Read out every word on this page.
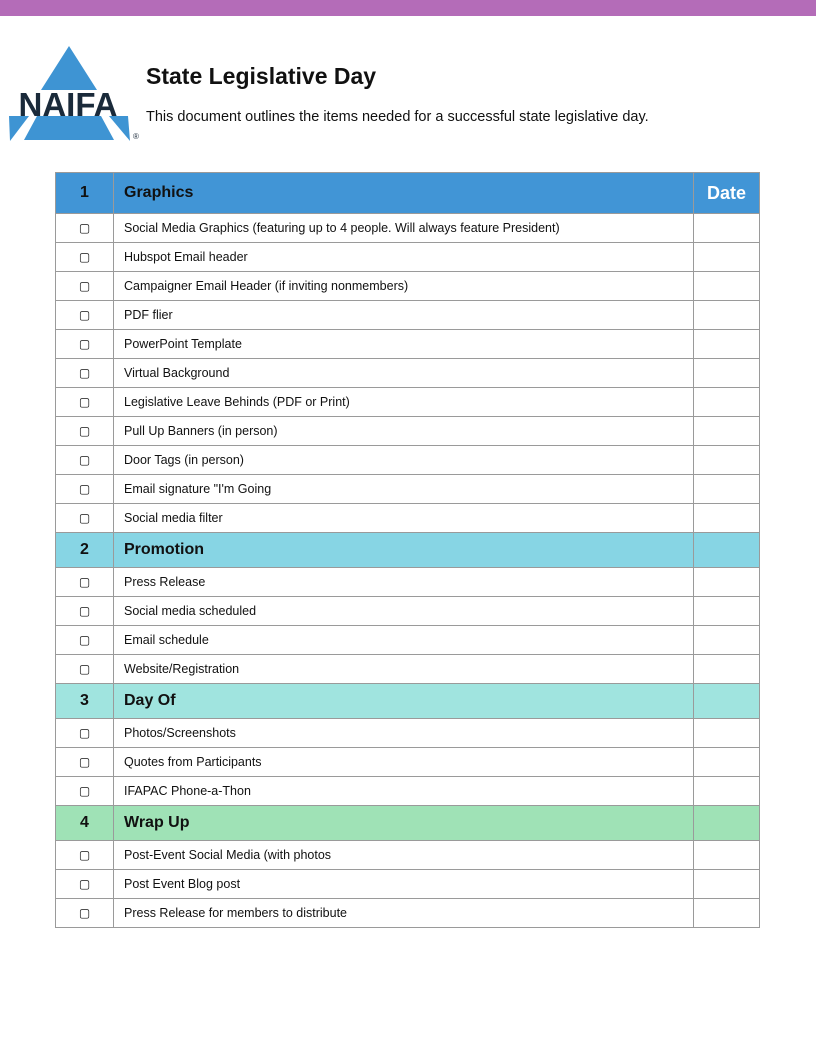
NAIFA
®
State Legislative Day
This document outlines the items needed for a successful state legislative day.
1	Graphics	Date
▢	Social Media Graphics (featuring up to 4 people. Will always feature President)	
▢	Hubspot Email header	
▢	Campaigner Email Header (if inviting nonmembers)	
▢	PDF flier	
▢	PowerPoint Template	
▢	Virtual Background	
▢	Legislative Leave Behinds (PDF or Print)	
▢	Pull Up Banners (in person)	
▢	Door Tags (in person)	
▢	Email signature "I'm Going	
▢	Social media filter	
2	Promotion	
▢	Press Release	
▢	Social media scheduled	
▢	Email schedule	
▢	Website/Registration	
3	Day Of	
▢	Photos/Screenshots	
▢	Quotes from Participants	
▢	IFAPAC Phone-a-Thon	
4	Wrap Up	
▢	Post-Event Social Media (with photos	
▢	Post Event Blog post	
▢	Press Release for members to distribute	
